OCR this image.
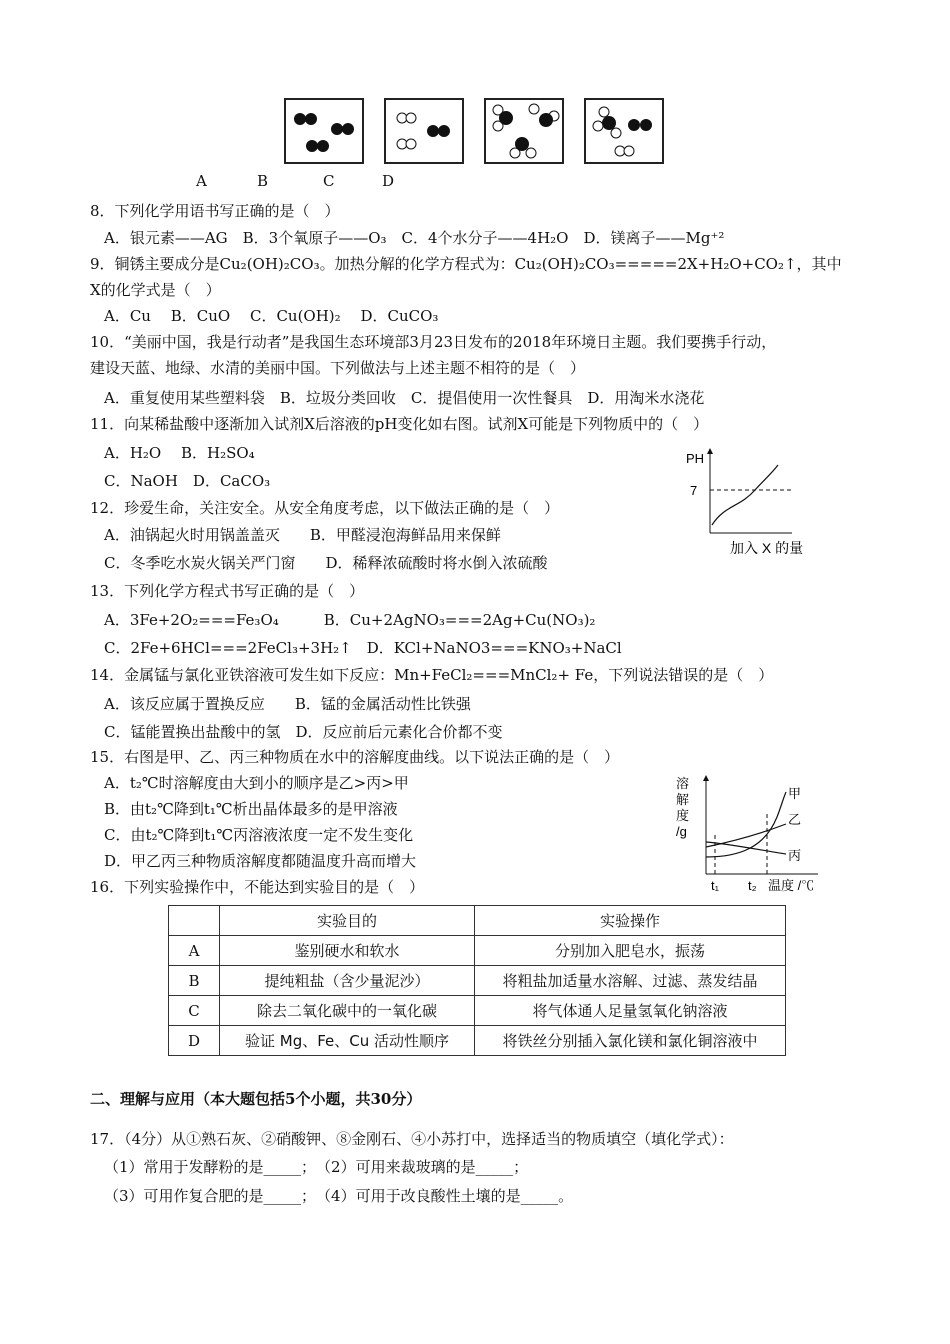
A	B	C	D
8．下列化学用语书写正确的是（　）
A．银元素——AG　B．3个氧原子——O₃　C．4个水分子——4H₂O　D．镁离子——Mg⁺²
9．铜锈主要成分是Cu₂(OH)₂CO₃。加热分解的化学方程式为：Cu₂(OH)₂CO₃=====2X+H₂O+CO₂↑，其中
X的化学式是（　）
A．Cu　 B．CuO　 C．Cu(OH)₂　 D．CuCO₃
10．“美丽中国，我是行动者”是我国生态环境部3月23日发布的2018年环境日主题。我们要携手行动，
建设天蓝、地绿、水清的美丽中国。下列做法与上述主题不相符的是（　）
A．重复使用某些塑料袋　B．垃圾分类回收　C．提倡使用一次性餐具　D．用淘米水浇花
11．向某稀盐酸中逐渐加入试剂X后溶液的pH变化如右图。试剂X可能是下列物质中的（　）
A．H₂O　 B．H₂SO₄
C．NaOH　D．CaCO₃
PH
7
加入 X 的量
12．珍爱生命，关注安全。从安全角度考虑，以下做法正确的是（　）
A．油锅起火时用锅盖盖灭　　B．甲醛浸泡海鲜品用来保鲜
C．冬季吃水炭火锅关严门窗　　D．稀释浓硫酸时将水倒入浓硫酸
13．下列化学方程式书写正确的是（　）
A．3Fe+2O₂===Fe₃O₄　　　B．Cu+2AgNO₃===2Ag+Cu(NO₃)₂
C．2Fe+6HCl===2FeCl₃+3H₂↑　D．KCl+NaNO3===KNO₃+NaCl
14．金属锰与氯化亚铁溶液可发生如下反应：Mn+FeCl₂===MnCl₂+ Fe，下列说法错误的是（　）
A．该反应属于置换反应　　B．锰的金属活动性比铁强
C．锰能置换出盐酸中的氢　D．反应前后元素化合价都不变
15．右图是甲、乙、丙三种物质在水中的溶解度曲线。以下说法正确的是（　）
A．t₂℃时溶解度由大到小的顺序是乙>丙>甲
B．由t₂℃降到t₁℃析出晶体最多的是甲溶液
C．由t₂℃降到t₁℃丙溶液浓度一定不发生变化
D．甲乙丙三种物质溶解度都随温度升高而增大
溶
解
度
/g
甲
乙
丙
t₁ t₂ 温度 /℃
16．下列实验操作中，不能达到实验目的是（　）
	实验目的	实验操作
A	鉴别硬水和软水	分别加入肥皂水，振荡
B	提纯粗盐（含少量泥沙）	将粗盐加适量水溶解、过滤、蒸发结晶
C	除去二氧化碳中的一氧化碳	将气体通人足量氢氧化钠溶液
D	验证 Mg、Fe、Cu 活动性顺序	将铁丝分别插入氯化镁和氯化铜溶液中
二、理解与应用（本大题包括5个小题，共30分）
17．（4分）从①熟石灰、②硝酸钾、⑧金刚石、④小苏打中，选择适当的物质填空（填化学式）：
（1）常用于发酵粉的是_____；　（2）可用来裁玻璃的是_____；
（3）可用作复合肥的是_____；　（4）可用于改良酸性土壤的是_____。
